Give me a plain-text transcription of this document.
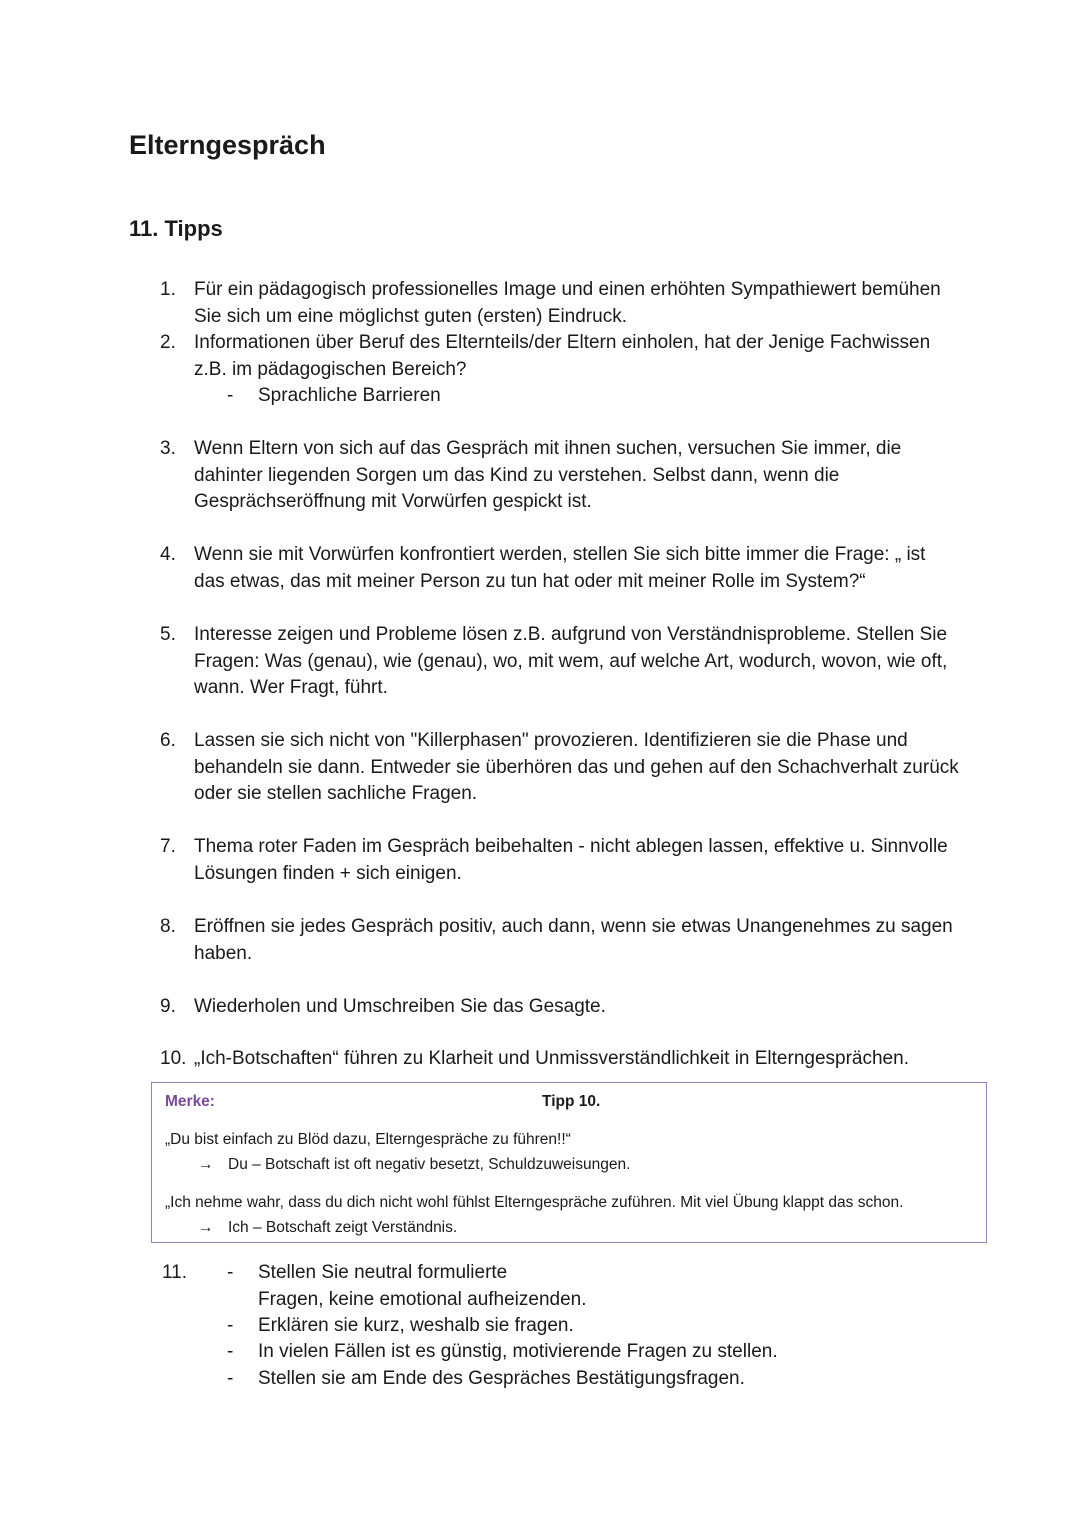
Elterngespräch
11. Tipps
1. Für ein pädagogisch professionelles Image und einen erhöhten Sympathiewert bemühen Sie sich um eine möglichst guten (ersten) Eindruck.
2. Informationen über Beruf des Elternteils/der Eltern einholen, hat der Jenige Fachwissen z.B. im pädagogischen Bereich?
- Sprachliche Barrieren
3. Wenn Eltern von sich auf das Gespräch mit ihnen suchen, versuchen Sie immer, die dahinter liegenden Sorgen um das Kind zu verstehen. Selbst dann, wenn die Gesprächseröffnung mit Vorwürfen gespickt ist.
4. Wenn sie mit Vorwürfen konfrontiert werden, stellen Sie sich bitte immer die Frage: „ ist das etwas, das mit meiner Person zu tun hat oder mit meiner Rolle im System?“
5. Interesse zeigen und Probleme lösen z.B. aufgrund von Verständnisprobleme. Stellen Sie Fragen: Was (genau), wie (genau), wo, mit wem, auf welche Art, wodurch, wovon, wie oft, wann. Wer Fragt, führt.
6. Lassen sie sich nicht von "Killerphasen" provozieren. Identifizieren sie die Phase und behandeln sie dann. Entweder sie überhören das und gehen auf den Schachverhalt zurück oder sie stellen sachliche Fragen.
7. Thema roter Faden im Gespräch beibehalten - nicht ablegen lassen, effektive u. Sinnvolle Lösungen finden + sich einigen.
8. Eröffnen sie jedes Gespräch positiv, auch dann, wenn sie etwas Unangenehmes zu sagen haben.
9. Wiederholen und Umschreiben Sie das Gesagte.
10. „Ich-Botschaften“ führen zu Klarheit und Unmissverständlichkeit in Elterngesprächen.
Merke:	Tipp 10.
„Du bist einfach zu Blöd dazu, Elterngespräche zu führen!!“
→ Du – Botschaft ist oft negativ besetzt, Schuldzuweisungen.
„Ich nehme wahr, dass du dich nicht wohl fühlst Elterngespräche zuführen. Mit viel Übung klappt das schon.
→ Ich – Botschaft zeigt Verständnis.
11. - Stellen Sie neutral formulierte
Fragen, keine emotional aufheizenden.
- Erklären sie kurz, weshalb sie fragen.
- In vielen Fällen ist es günstig, motivierende Fragen zu stellen.
- Stellen sie am Ende des Gespräches Bestätigungsfragen.
